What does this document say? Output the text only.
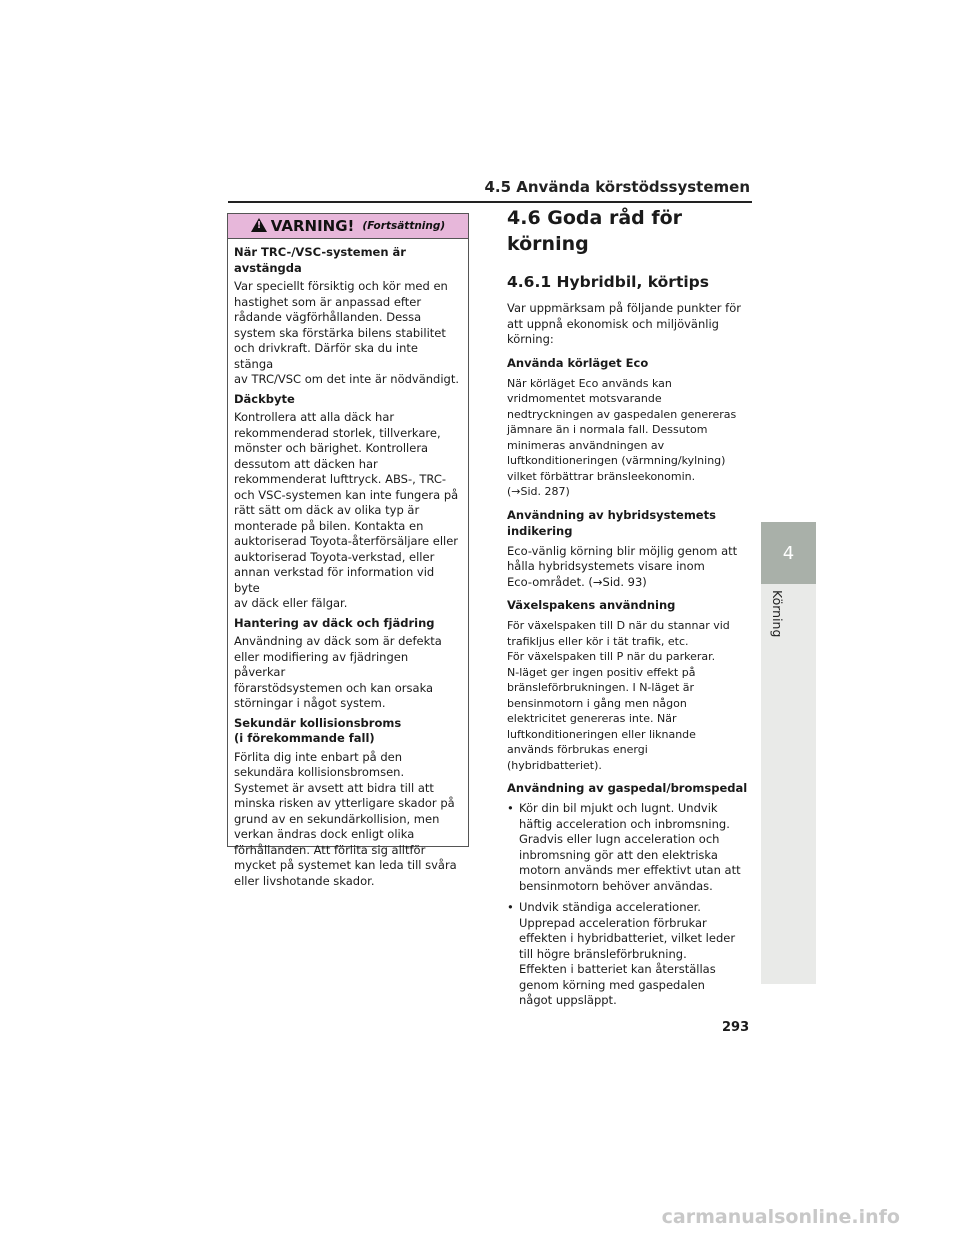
4.5 Använda körstödssystemen
!
VARNING! (Fortsättning)
När TRC-/VSC-systemen är
avstängda
Var speciellt försiktig och kör med en
hastighet som är anpassad efter
rådande vägförhållanden. Dessa
system ska förstärka bilens stabilitet
och drivkraft. Därför ska du inte stänga
av TRC/VSC om det inte är nödvändigt.
Däckbyte
Kontrollera att alla däck har
rekommenderad storlek, tillverkare,
mönster och bärighet. Kontrollera
dessutom att däcken har
rekommenderat lufttryck. ABS-, TRC-
och VSC-systemen kan inte fungera på
rätt sätt om däck av olika typ är
monterade på bilen. Kontakta en
auktoriserad Toyota-återförsäljare eller
auktoriserad Toyota-verkstad, eller
annan verkstad för information vid byte
av däck eller fälgar.
Hantering av däck och fjädring
Användning av däck som är defekta
eller modifiering av fjädringen påverkar
förarstödsystemen och kan orsaka
störningar i något system.
Sekundär kollisionsbroms
(i förekommande fall)
Förlita dig inte enbart på den
sekundära kollisionsbromsen.
Systemet är avsett att bidra till att
minska risken av ytterligare skador på
grund av en sekundärkollision, men
verkan ändras dock enligt olika
förhållanden. Att förlita sig alltför
mycket på systemet kan leda till svåra
eller livshotande skador.
4.6 Goda råd för körning
4.6.1 Hybridbil, körtips
Var uppmärksam på följande punkter för
att uppnå ekonomisk och miljövänlig
körning:
Använda körläget Eco
När körläget Eco används kan
vridmomentet motsvarande
nedtryckningen av gaspedalen genereras
jämnare än i normala fall. Dessutom
minimeras användningen av
luftkonditioneringen (värmning/kylning)
vilket förbättrar bränsleekonomin.
(→Sid. 287)
Användning av hybridsystemets
indikering
Eco-vänlig körning blir möjlig genom att
hålla hybridsystemets visare inom
Eco-området. (→Sid. 93)
Växelspakens användning
För växelspaken till D när du stannar vid
trafikljus eller kör i tät trafik, etc.
För växelspaken till P när du parkerar.
N-läget ger ingen positiv effekt på
bränsleförbrukningen. I N-läget är
bensinmotorn i gång men någon
elektricitet genereras inte. När
luftkonditioneringen eller liknande
används förbrukas energi
(hybridbatteriet).
Användning av gaspedal/bromspedal
• Kör din bil mjukt och lugnt. Undvik
häftig acceleration och inbromsning.
Gradvis eller lugn acceleration och
inbromsning gör att den elektriska
motorn används mer effektivt utan att
bensinmotorn behöver användas.
• Undvik ständiga accelerationer.
Upprepad acceleration förbrukar
effekten i hybridbatteriet, vilket leder
till högre bränsleförbrukning.
Effekten i batteriet kan återställas
genom körning med gaspedalen
något uppsläppt.
4
Körning
293
carmanualsonline.info
